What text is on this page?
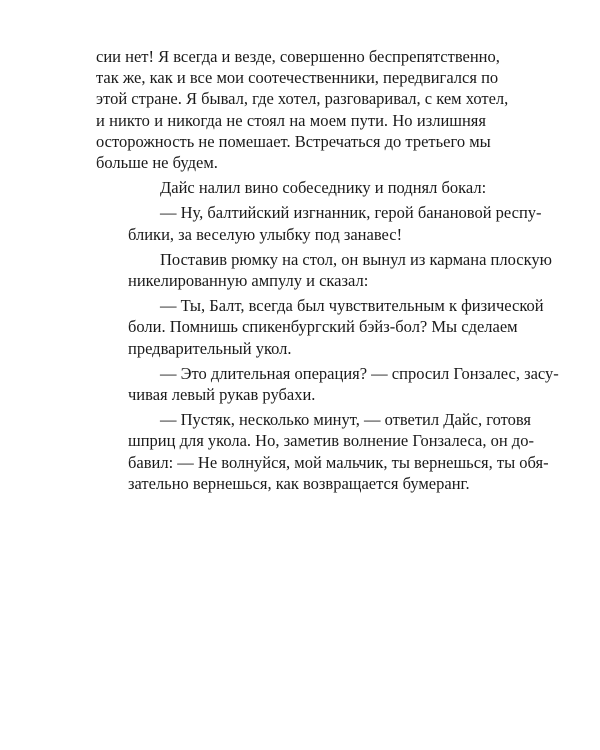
сии нет! Я всегда и везде, совершенно беспрепятственно,
так же, как и все мои соотечественники, передвигался по
этой стране. Я бывал, где хотел, разговаривал, с кем хотел,
и никто и никогда не стоял на моем пути. Но излишняя
осторожность не помешает. Встречаться до третьего мы
больше не будем.
Дайс налил вино собеседнику и поднял бокал:
— Ну, балтийский изгнанник, герой банановой респу-
блики, за веселую улыбку под занавес!
Поставив рюмку на стол, он вынул из кармана плоскую
никелированную ампулу и сказал:
— Ты, Балт, всегда был чувствительным к физической
боли. Помнишь спикенбургский бэйз-бол? Мы сделаем
предварительный укол.
— Это длительная операция? — спросил Гонзалес, засу-
чивая левый рукав рубахи.
— Пустяк, несколько минут, — ответил Дайс, готовя
шприц для укола. Но, заметив волнение Гонзалеса, он до-
бавил: — Не волнуйся, мой мальчик, ты вернешься, ты обя-
зательно вернешься, как возвращается бумеранг.
